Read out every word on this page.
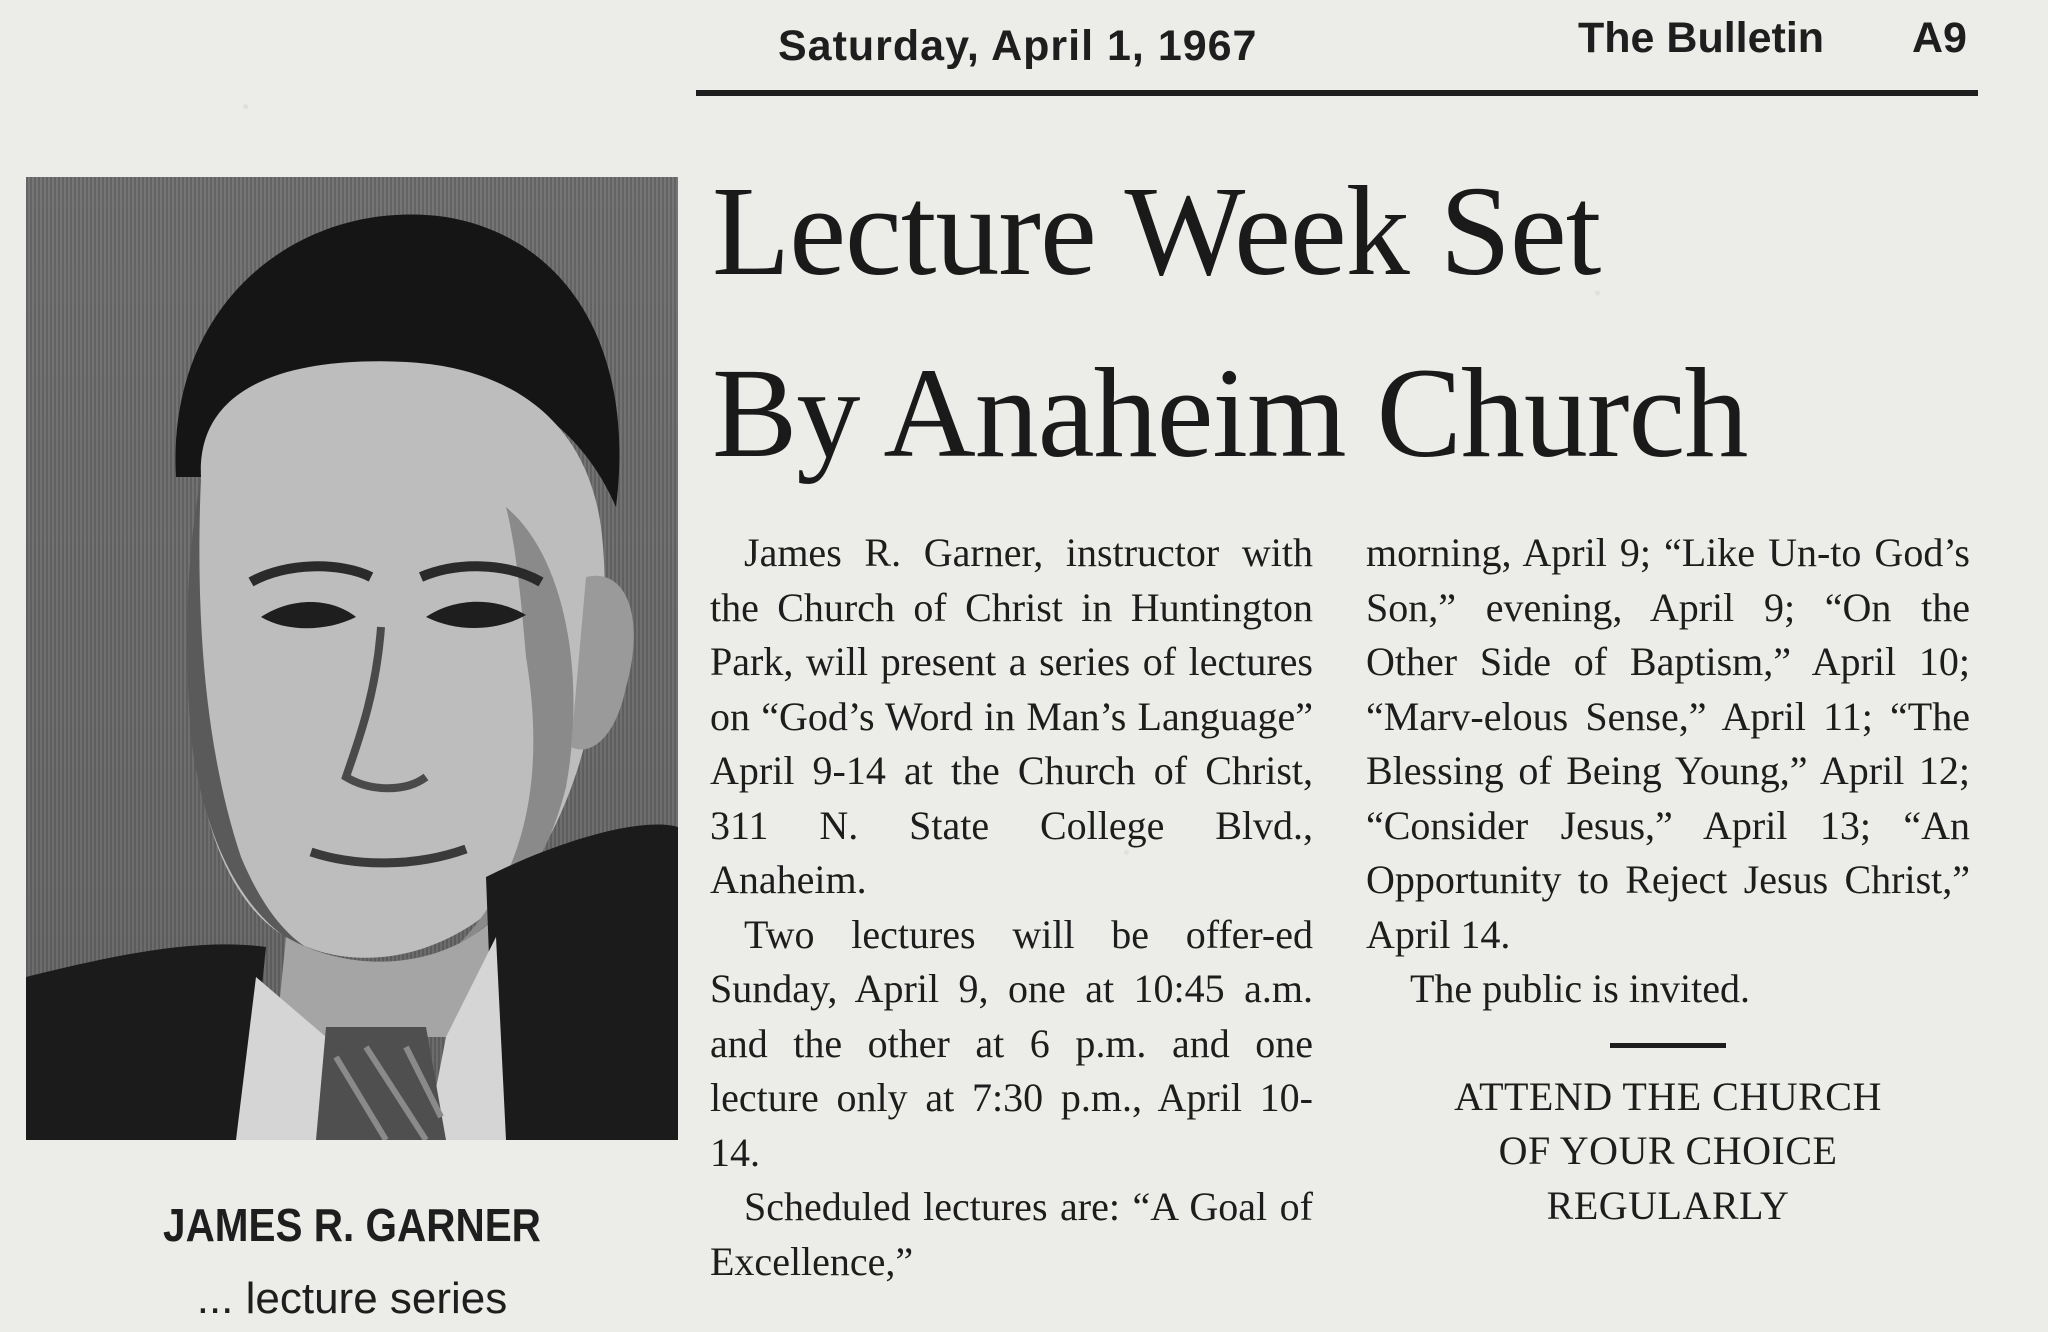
Saturday, April 1, 1967	The Bulletin A9
JAMES R. GARNER
... lecture series
Lecture Week Set
By Anaheim Church

James R. Garner, instructor with the Church of Christ in Huntington Park, will present a series of lectures on “God’s Word in Man’s Language” April 9-14 at the Church of Christ, 311 N. State College Blvd., Anaheim.

Two lectures will be offer-ed Sunday, April 9, one at 10:45 a.m. and the other at 6 p.m. and one lecture only at 7:30 p.m., April 10-14.

Scheduled lectures are: “A Goal of Excellence,”

morning, April 9; “Like Un-to God’s Son,” evening, April 9; “On the Other Side of Baptism,” April 10; “Marv-elous Sense,” April 11; “The Blessing of Being Young,” April 12; “Consider Jesus,” April 13; “An Opportunity to Reject Jesus Christ,” April 14.

The public is invited.

ATTEND THE CHURCH

OF YOUR CHOICE

REGULARLY
